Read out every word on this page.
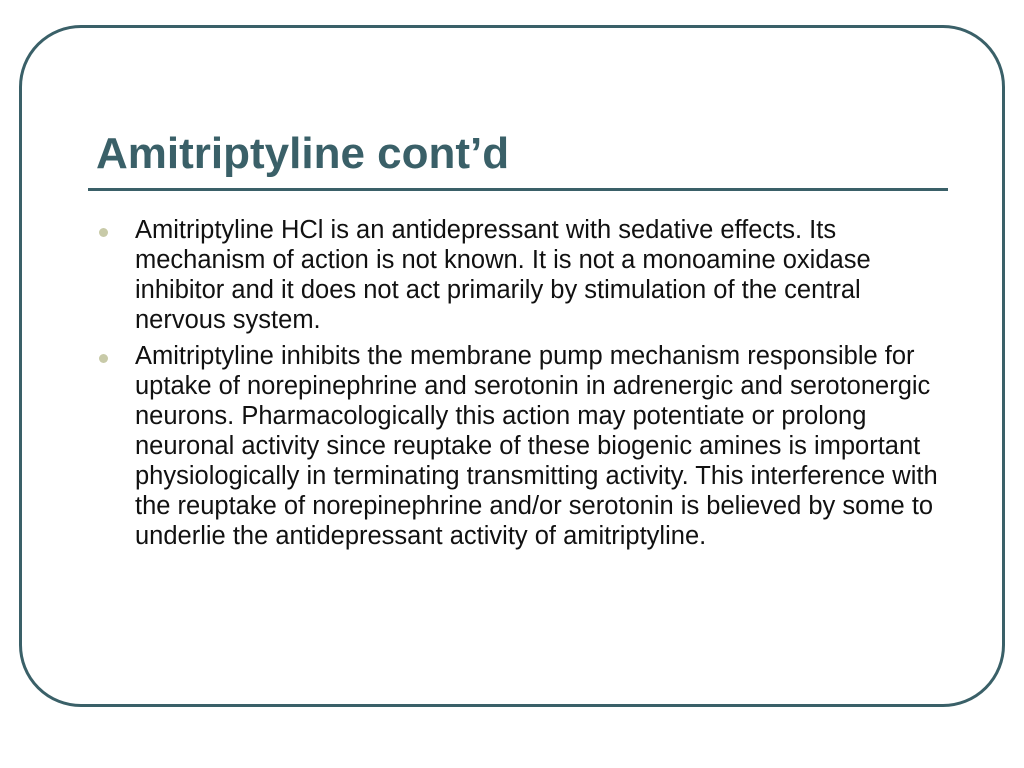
Amitriptyline cont’d
Amitriptyline HCl is an antidepressant with sedative effects. Its mechanism of action is not known. It is not a monoamine oxidase inhibitor and it does not act primarily by stimulation of the central nervous system.
Amitriptyline inhibits the membrane pump mechanism responsible for uptake of norepinephrine and serotonin in adrenergic and serotonergic neurons. Pharmacologically this action may potentiate or prolong neuronal activity since reuptake of these biogenic amines is important physiologically in terminating transmitting activity. This interference with the reuptake of norepinephrine and/or serotonin is believed by some to underlie the antidepressant activity of amitriptyline.
